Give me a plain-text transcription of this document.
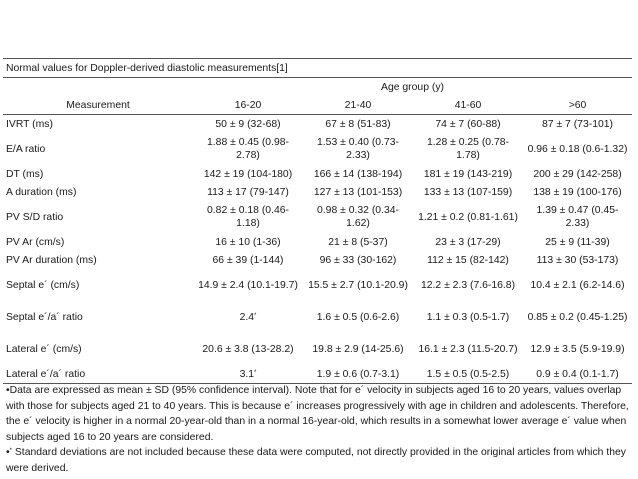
Normal values for Doppler-derived diastolic measurements[1]				
	Age group (y)			
Measurement	16-20	21-40	41-60	>60
IVRT (ms)	50 ± 9 (32-68)	67 ± 8 (51-83)	74 ± 7 (60-88)	87 ± 7 (73-101)
E/A ratio	1.88 ± 0.45 (0.98-2.78)	1.53 ± 0.40 (0.73-2.33)	1.28 ± 0.25 (0.78-1.78)	0.96 ± 0.18 (0.6-1.32)
DT (ms)	142 ± 19 (104-180)	166 ± 14 (138-194)	181 ± 19 (143-219)	200 ± 29 (142-258)
A duration (ms)	113 ± 17 (79-147)	127 ± 13 (101-153)	133 ± 13 (107-159)	138 ± 19 (100-176)
PV S/D ratio	0.82 ± 0.18 (0.46-1.18)	0.98 ± 0.32 (0.34-1.62)	1.21 ± 0.2 (0.81-1.61)	1.39 ± 0.47 (0.45-2.33)
PV Ar (cm/s)	16 ± 10 (1-36)	21 ± 8 (5-37)	23 ± 3 (17-29)	25 ± 9 (11-39)
PV Ar duration (ms)	66 ± 39 (1-144)	96 ± 33 (30-162)	112 ± 15 (82-142)	113 ± 30 (53-173)
Septal e´ (cm/s)	14.9 ± 2.4 (10.1-19.7)	15.5 ± 2.7 (10.1-20.9)	12.2 ± 2.3 (7.6-16.8)	10.4 ± 2.1 (6.2-14.6)
Septal e´/a´ ratio	2.4*	1.6 ± 0.5 (0.6-2.6)	1.1 ± 0.3 (0.5-1.7)	0.85 ± 0.2 (0.45-1.25)
Lateral e´ (cm/s)	20.6 ± 3.8 (13-28.2)	19.8 ± 2.9 (14-25.6)	16.1 ± 2.3 (11.5-20.7)	12.9 ± 3.5 (5.9-19.9)
Lateral e´/a´ ratio	3.1*	1.9 ± 0.6 (0.7-3.1)	1.5 ± 0.5 (0.5-2.5)	0.9 ± 0.4 (0.1-1.7)

•Data are expressed as mean ± SD (95% confidence interval). Note that for e´ velocity in subjects aged 16 to 20 years, values overlap with those for subjects aged 21 to 40 years. This is because e´ increases progressively with age in children and adolescents. Therefore, the e´ velocity is higher in a normal 20-year-old than in a normal 16-year-old, which results in a somewhat lower average e´ value when subjects aged 16 to 20 years are considered.

•* Standard deviations are not included because these data were computed, not directly provided in the original articles from which they were derived.
